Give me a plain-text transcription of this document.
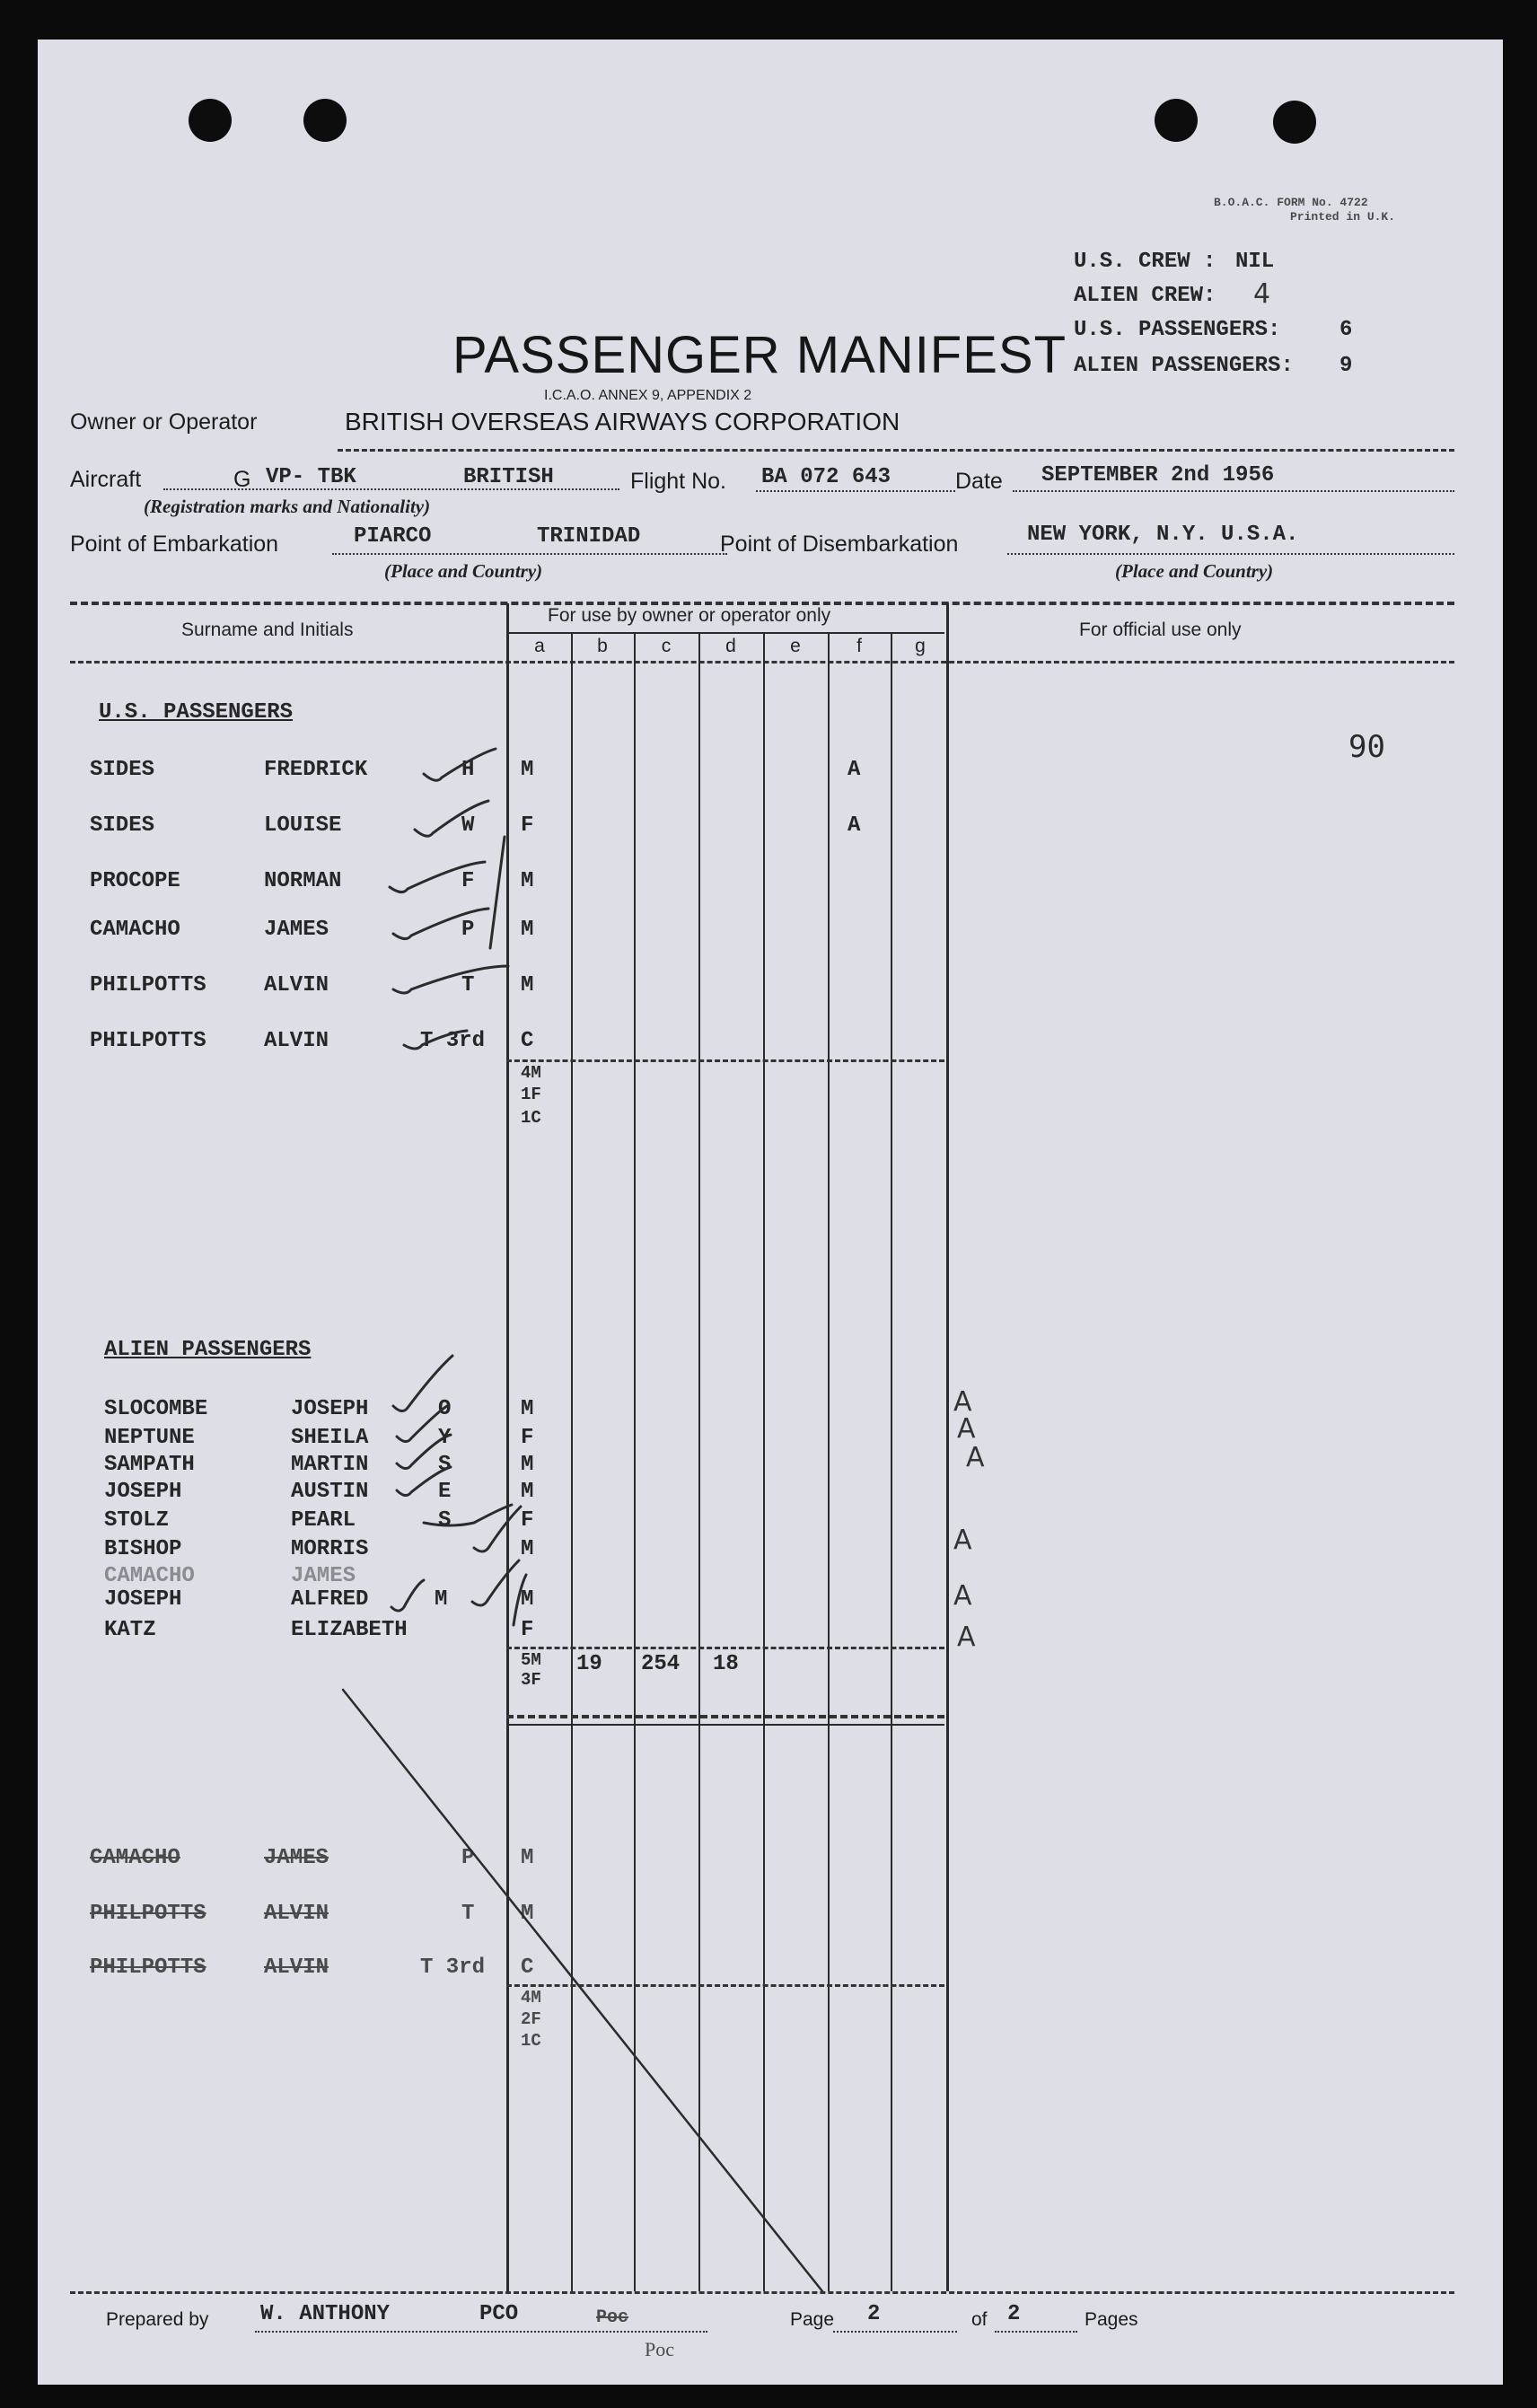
B.O.A.C. FORM No. 4722
Printed in U.K.
U.S. CREW : NIL
ALIEN CREW: 4
U.S. PASSENGERS:	6
ALIEN PASSENGERS: 9
PASSENGER MANIFEST
I.C.A.O. ANNEX 9, APPENDIX 2
Owner or Operator	BRITISH OVERSEAS AIRWAYS CORPORATION
Aircraft	G VP- TBK	BRITISH
(Registration marks and Nationality)
Flight No. BA 072 643	Date SEPTEMBER 2nd 1956
Point of Embarkation	PIARCO	TRINIDAD
(Place and Country)
Point of Disembarkation	NEW YORK, N.Y. U.S.A.
(Place and Country)
Surname and Initials
For use by owner or operator only
For official use only
a	b	c	d	e	f	g
U.S. PASSENGERS
90
SIDES	FREDRICK	H M	A
SIDES	LOUISE	W F	A
PROCOPE	NORMAN	F M
CAMACHO	JAMES	P M
PHILPOTTS	ALVIN	T M
PHILPOTTS	ALVIN	T 3rd C
4M
1F
1C
ALIEN PASSENGERS
SLOCOMBE	JOSEPH	O	M	A
NEPTUNE	SHEILA	Y	F	A
SAMPATH	MARTIN	S	M	A
JOSEPH	AUSTIN	E	M
STOLZ	PEARL	S	F
BISHOP	MORRIS	M	A
CAMACHO	JAMES
JOSEPH	ALFRED	M	M	A
KATZ	ELIZABETH	F	A
5M
3F
19 254 18
CAMACHO	JAMES	P M
PHILPOTTS	ALVIN	T M
PHILPOTTS	ALVIN	T 3rd C
4M
2F
1C
Prepared by W. ANTHONY	PCO	Poc
Poc
Page 2	of 2	Pages
